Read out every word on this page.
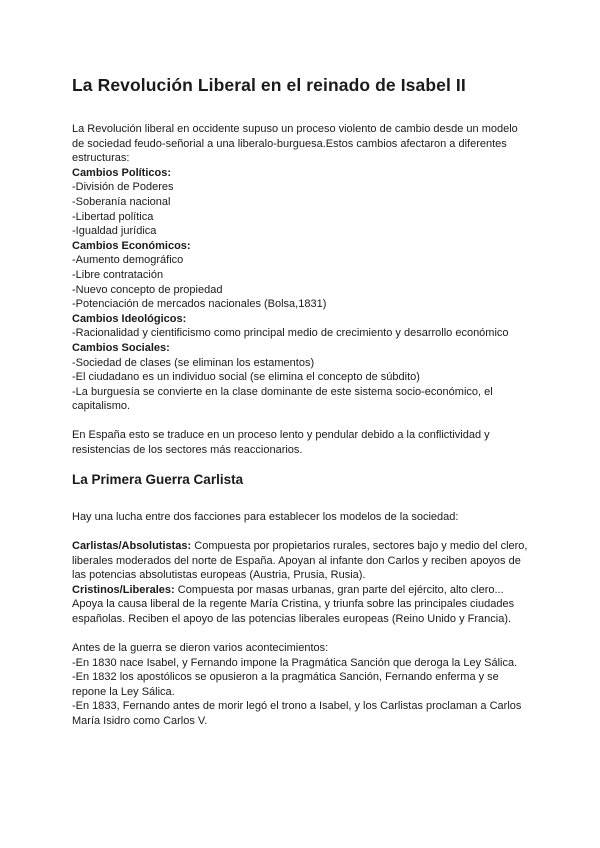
La Revolución Liberal en el reinado de Isabel II

La Revolución liberal en occidente supuso un proceso violento de cambio desde un modelo de sociedad feudo-señorial a una liberalo-burguesa.Estos cambios afectaron a diferentes estructuras:

Cambios Políticos:
-División de Poderes
-Soberanía nacional
-Libertad política
-Igualdad jurídica
Cambios Económicos:
-Aumento demográfico
-Libre contratación
-Nuevo concepto de propiedad
-Potenciación de mercados nacionales (Bolsa,1831)
Cambios Ideológicos:
-Racionalidad y cientificismo como principal medio de crecimiento y desarrollo económico
Cambios Sociales:
-Sociedad de clases (se eliminan los estamentos)
-El ciudadano es un individuo social (se elimina el concepto de súbdito)
-La burguesía se convierte en la clase dominante de este sistema socio-económico, el capitalismo.

En España esto se traduce en un proceso lento y pendular debido a la conflictividad y resistencias de los sectores más reaccionarios.

La Primera Guerra Carlista

Hay una lucha entre dos facciones para establecer los modelos de la sociedad:

Carlistas/Absolutistas: Compuesta por propietarios rurales, sectores bajo y medio del clero, liberales moderados del norte de España. Apoyan al infante don Carlos y reciben apoyos de las potencias absolutistas europeas (Austria, Prusia, Rusia).

Cristinos/Liberales: Compuesta por masas urbanas, gran parte del ejército, alto clero... Apoya la causa liberal de la regente María Cristina, y triunfa sobre las principales ciudades españolas. Reciben el apoyo de las potencias liberales europeas (Reino Unido y Francia).

Antes de la guerra se dieron varios acontecimientos:

-En 1830 nace Isabel, y Fernando impone la Pragmática Sanción que deroga la Ley Sálica.
-En 1832 los apostólicos se opusieron a la pragmática Sanción, Fernando enferma y se repone la Ley Sálica.
-En 1833, Fernando antes de morir legó el trono a Isabel, y los Carlistas proclaman a Carlos María Isidro como Carlos V.
